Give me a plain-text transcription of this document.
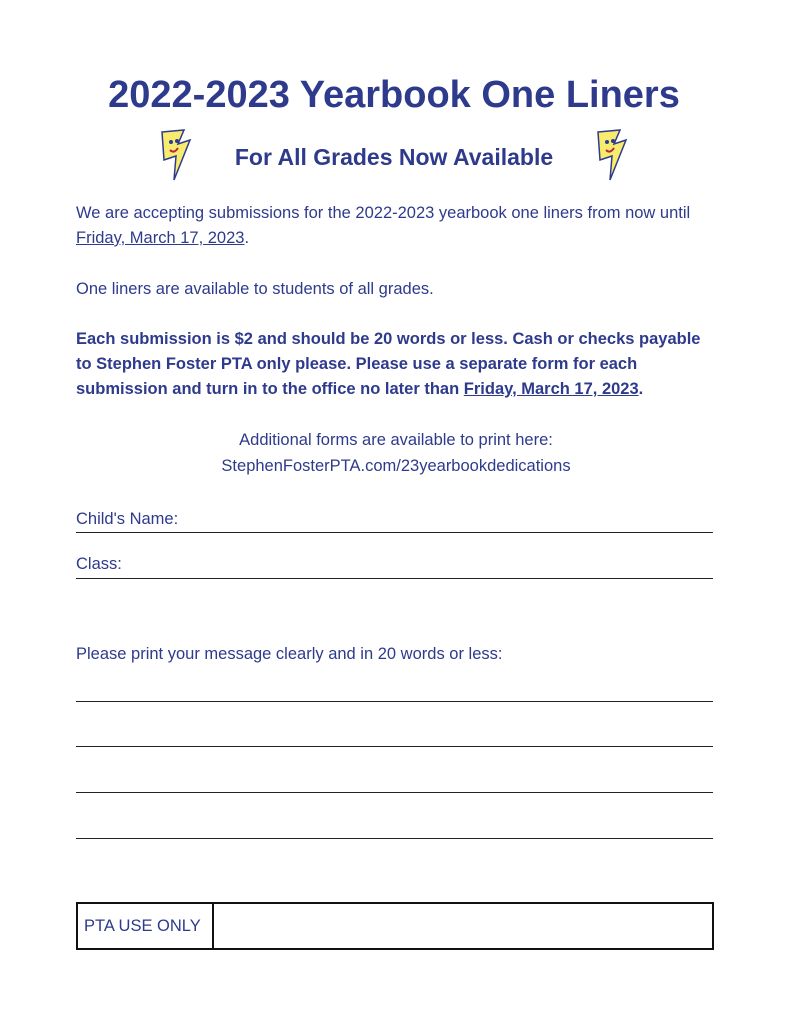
2022-2023 Yearbook One Liners
For All Grades Now Available
We are accepting submissions for the 2022-2023 yearbook one liners from now until Friday, March 17, 2023.
One liners are available to students of all grades.
Each submission is $2 and should be 20 words or less. Cash or checks payable to Stephen Foster PTA only please. Please use a separate form for each submission and turn in to the office no later than Friday, March 17, 2023.
Additional forms are available to print here:
StephenFosterPTA.com/23yearbookdedications
Child's Name:
Class:
Please print your message clearly and in 20 words or less:
PTA USE ONLY
